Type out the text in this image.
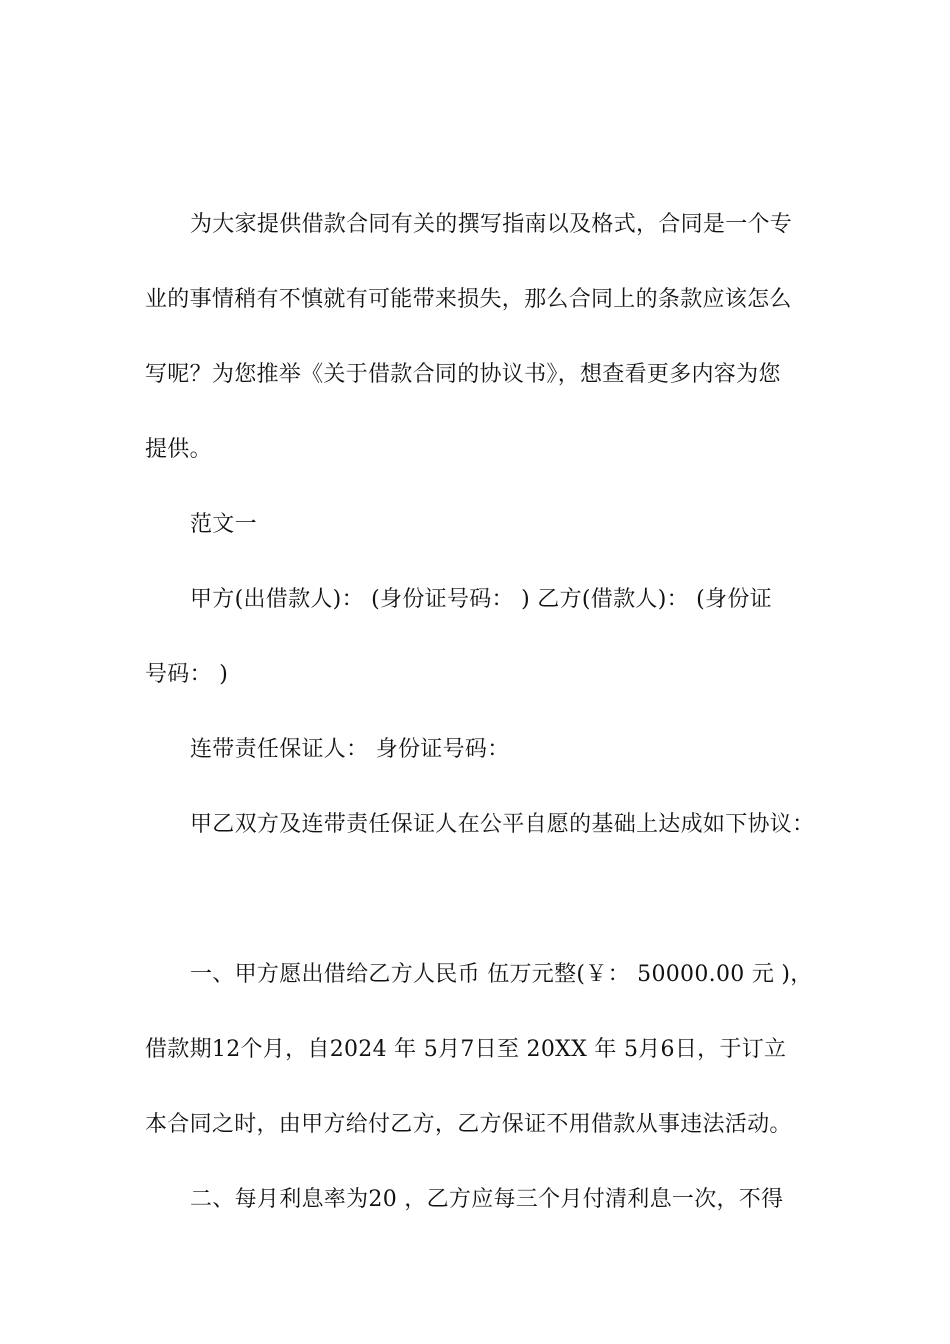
为大家提供借款合同有关的撰写指南以及格式，合同是一个专
业的事情稍有不慎就有可能带来损失，那么合同上的条款应该怎么
写呢？为您推举《关于借款合同的协议书》，想查看更多内容为您
提供。
范文一
甲方(出借款人)： (身份证号码： ) 乙方(借款人)： (身份证
号码： )
连带责任保证人： 身份证号码：
甲乙双方及连带责任保证人在公平自愿的基础上达成如下协议：
一、甲方愿出借给乙方人民币 伍万元整(￥： 50000.00 元 )，
借款期12个月，自2024 年 5月7日至 20XX 年 5月6日，于订立
本合同之时，由甲方给付乙方，乙方保证不用借款从事违法活动。
二、每月利息率为20 ，乙方应每三个月付清利息一次，不得
